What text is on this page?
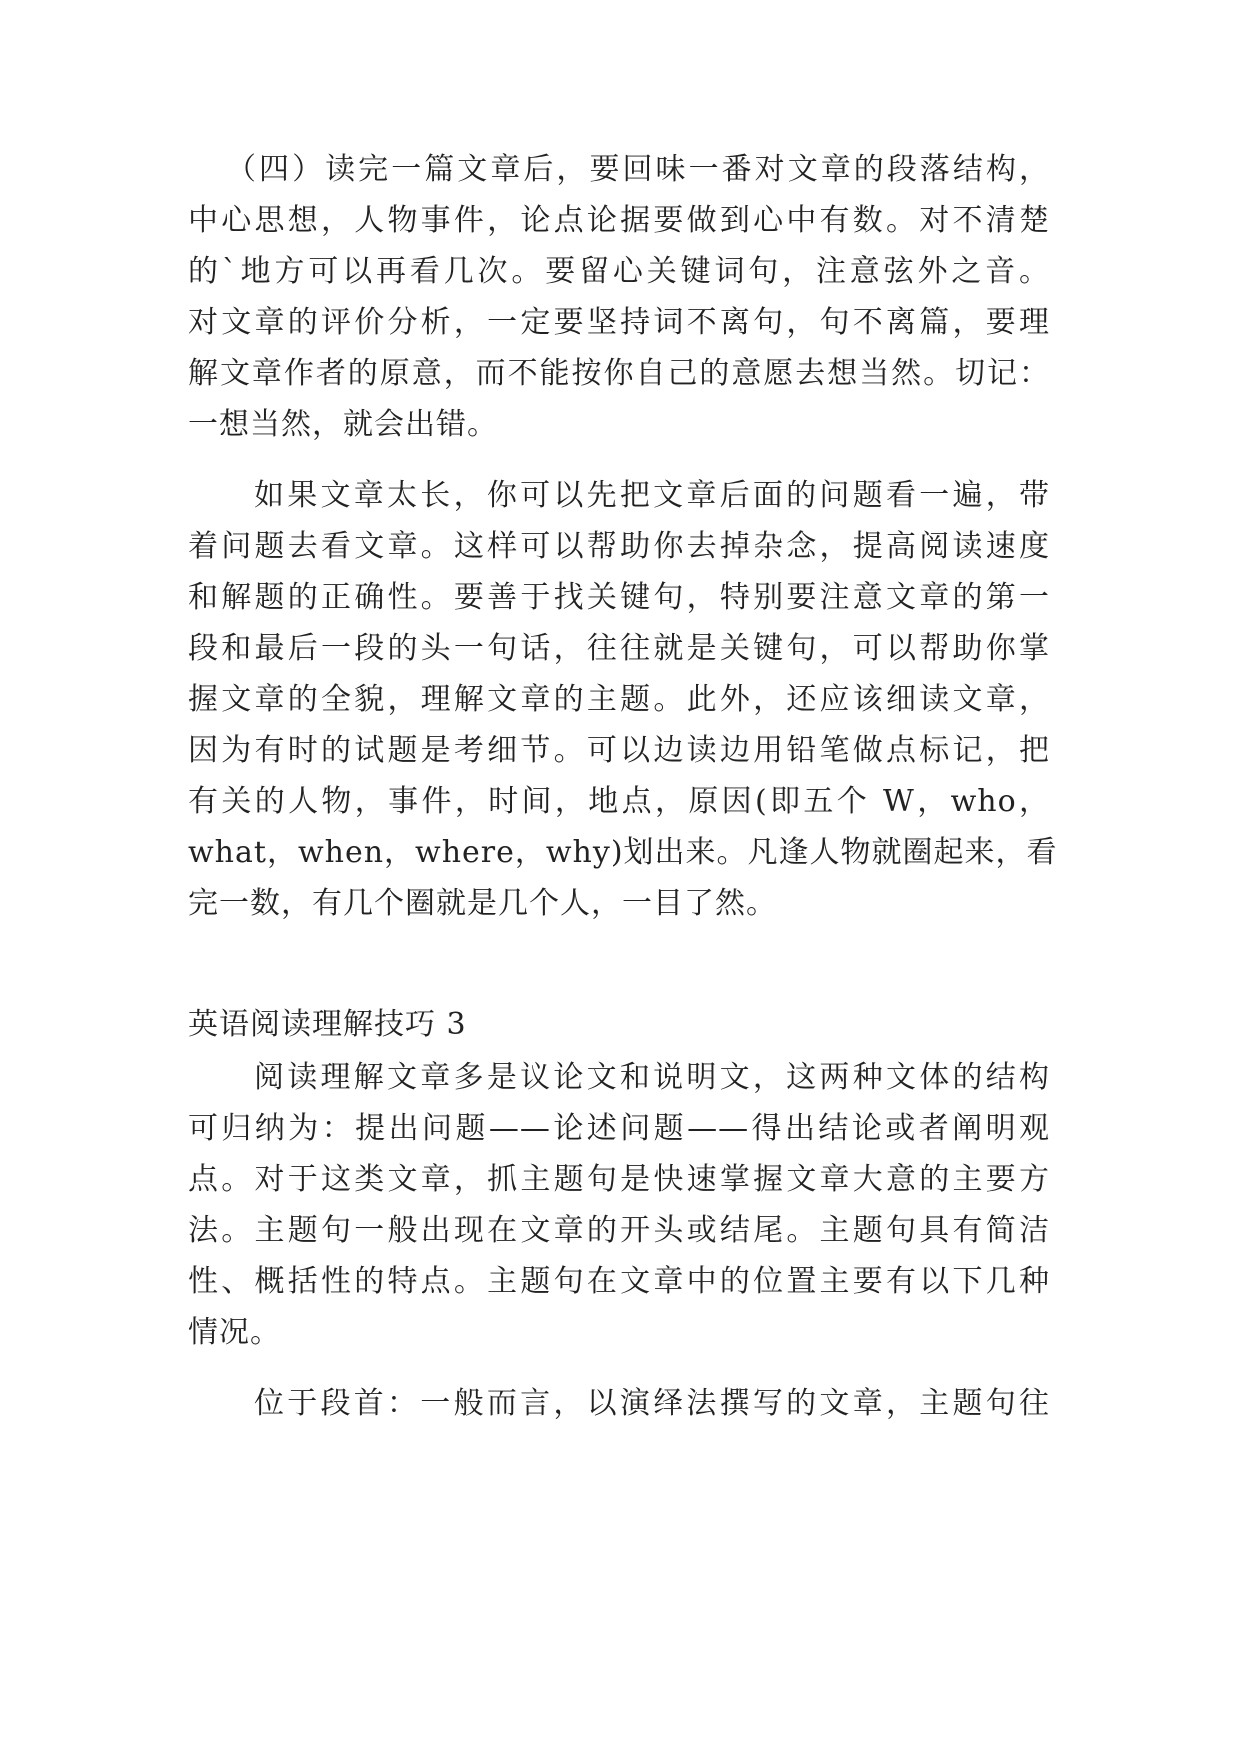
（四）读完一篇文章后，要回味一番对文章的段落结构，
中心思想，人物事件，论点论据要做到心中有数。对不清楚
的`地方可以再看几次。要留心关键词句，注意弦外之音。
对文章的评价分析，一定要坚持词不离句，句不离篇，要理
解文章作者的原意，而不能按你自己的意愿去想当然。切记：
一想当然，就会出错。
如果文章太长，你可以先把文章后面的问题看一遍，带
着问题去看文章。这样可以帮助你去掉杂念，提高阅读速度
和解题的正确性。要善于找关键句，特别要注意文章的第一
段和最后一段的头一句话，往往就是关键句，可以帮助你掌
握文章的全貌，理解文章的主题。此外，还应该细读文章，
因为有时的试题是考细节。可以边读边用铅笔做点标记，把
有关的人物，事件，时间，地点，原因(即五个 W，who，
what，when，where，why)划出来。凡逢人物就圈起来，看
完一数，有几个圈就是几个人，一目了然。
英语阅读理解技巧 3
阅读理解文章多是议论文和说明文，这两种文体的结构
可归纳为：提出问题——论述问题——得出结论或者阐明观
点。对于这类文章，抓主题句是快速掌握文章大意的主要方
法。主题句一般出现在文章的开头或结尾。主题句具有简洁
性、概括性的特点。主题句在文章中的位置主要有以下几种
情况。
位于段首：一般而言，以演绎法撰写的文章，主题句往
